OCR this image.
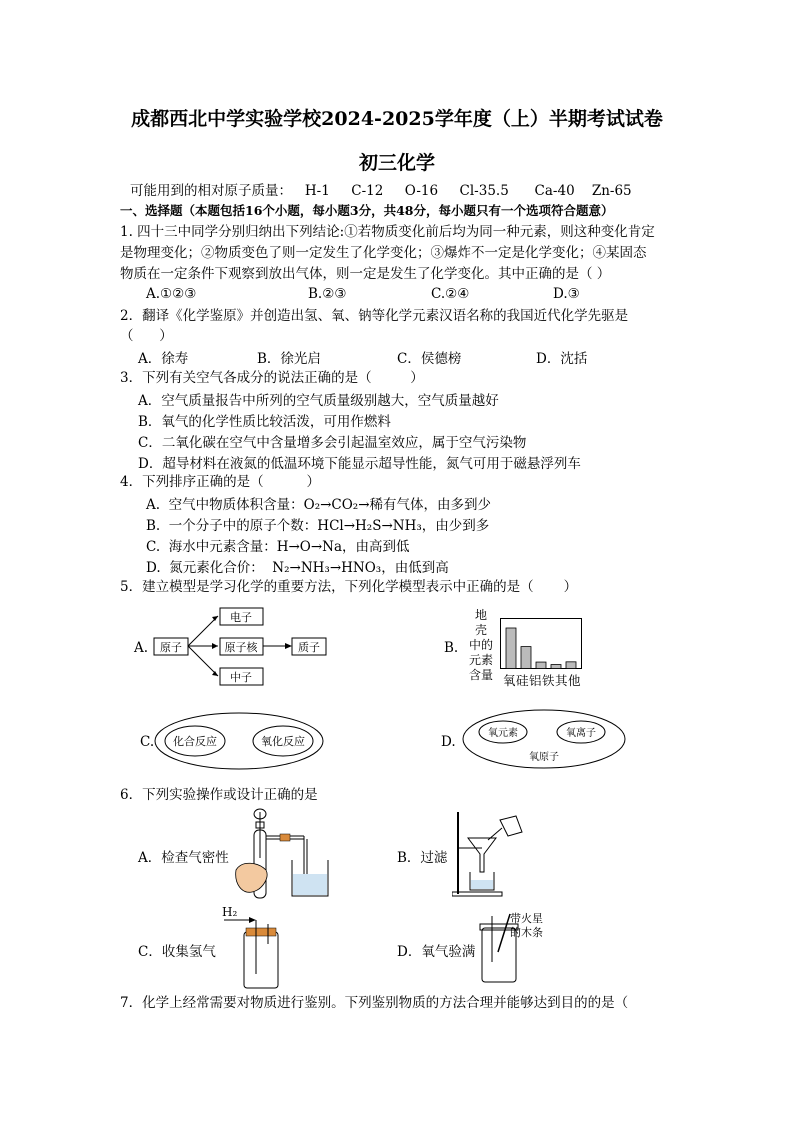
成都西北中学实验学校2024-2025学年度（上）半期考试试卷
初三化学
可能用到的相对原子质量：   H-1     C-12     O-16     Cl-35.5      Ca-40    Zn-65
一、选择题（本题包括16个小题，每小题3分，共48分，每小题只有一个选项符合题意）
1. 四十三中同学分别归纳出下列结论:①若物质变化前后均为同一种元素，则这种变化肯定
是物理变化；②物质变色了则一定发生了化学变化；③爆炸不一定是化学变化；④某固态
物质在一定条件下观察到放出气体，则一定是发生了化学变化。其中正确的是（ ）
A.①②③	B.②③	C.②④	D.③
2．翻译《化学鉴原》并创造出氢、氧、钠等化学元素汉语名称的我国近代化学先驱是
（      ）
A．徐寿	B．徐光启	C．侯德榜	D．沈括
3．下列有关空气各成分的说法正确的是（         ）
A．空气质量报告中所列的空气质量级别越大，空气质量越好
B．氧气的化学性质比较活泼，可用作燃料
C．二氧化碳在空气中含量增多会引起温室效应，属于空气污染物
D．超导材料在液氮的低温环境下能显示超导性能，氮气可用于磁悬浮列车
4．下列排序正确的是（          ）
A.  空气中物质体积含量：O₂→CO₂→稀有气体，由多到少
B.  一个分子中的原子个数：HCl→H₂S→NH₃，由少到多
C.  海水中元素含量：H→O→Na，由高到低
D.  氮元素化合价：  N₂→NH₃→HNO₃，由低到高
5．建立模型是学习化学的重要方法，下列化学模型表示中正确的是（       ）
A.	B.
C.	D.
原子
电子
原子核
中子
质子
地
壳
中的
元素
含量 氧硅铝铁其他
化合反应	氧化反应
氧元素	氧离子
氧原子
6．下列实验操作或设计正确的是
A．检查气密性	B．过滤
C．收集氢气	D．氧气验满
H₂	带火星
的木条
7．化学上经常需要对物质进行鉴别。下列鉴别物质的方法合理并能够达到目的的是（
